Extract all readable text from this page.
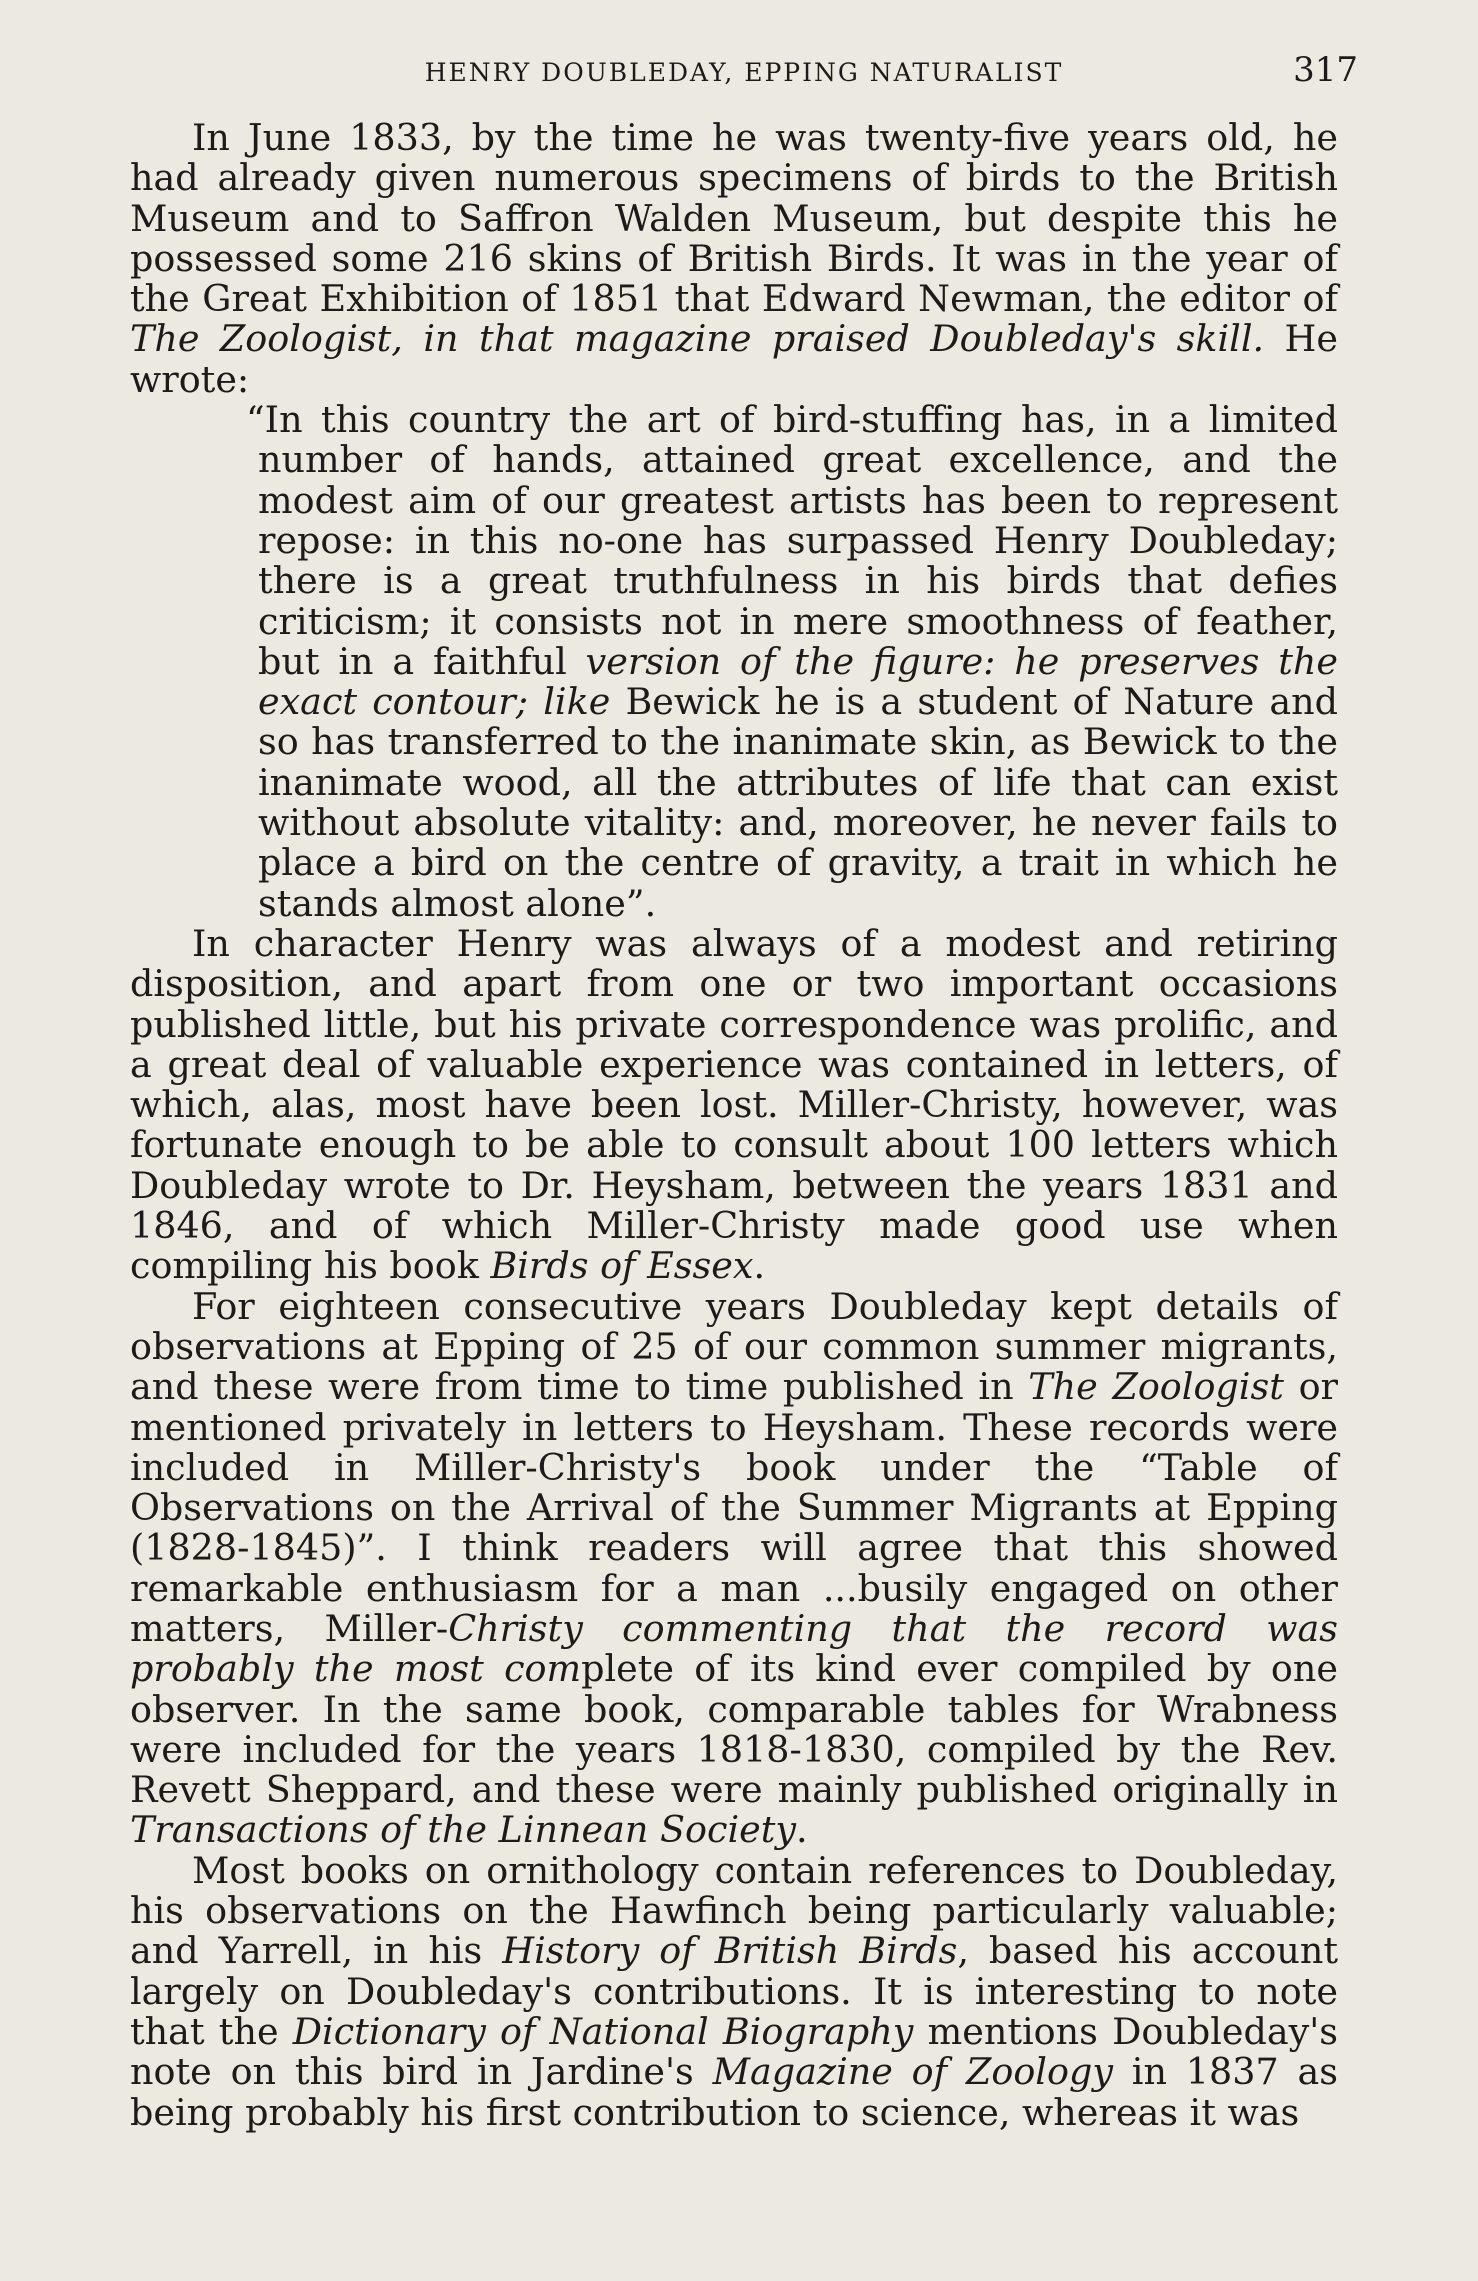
HENRY DOUBLEDAY, EPPING NATURALIST	317

In June 1833, by the time he was twenty-five years old, he had already given numerous specimens of birds to the British Museum and to Saffron Walden Museum, but despite this he possessed some 216 skins of British Birds. It was in the year of the Great Exhibition of 1851 that Edward Newman, the editor of The Zoologist, in that magazine praised Doubleday's skill. He wrote:

“In this country the art of bird-stuffing has, in a limited number of hands, attained great excellence, and the modest aim of our greatest artists has been to represent repose: in this no-one has surpassed Henry Doubleday; there is a great truthfulness in his birds that defies criticism; it consists not in mere smoothness of feather, but in a faithful version of the figure: he preserves the exact contour; like Bewick he is a student of Nature and so has transferred to the inanimate skin, as Bewick to the inanimate wood, all the attributes of life that can exist without absolute vitality: and, moreover, he never fails to place a bird on the centre of gravity, a trait in which he stands almost alone”.

In character Henry was always of a modest and retiring disposition, and apart from one or two important occasions published little, but his private correspondence was prolific, and a great deal of valuable experience was contained in letters, of which, alas, most have been lost. Miller-Christy, however, was fortunate enough to be able to consult about 100 letters which Doubleday wrote to Dr. Heysham, between the years 1831 and 1846, and of which Miller-Christy made good use when compiling his book Birds of Essex.

For eighteen consecutive years Doubleday kept details of observations at Epping of 25 of our common summer migrants, and these were from time to time published in The Zoologist or mentioned privately in letters to Heysham. These records were included in Miller-Christy's book under the “Table of Observations on the Arrival of the Summer Migrants at Epping (1828-1845)”. I think readers will agree that this showed remarkable enthusiasm for a man ...busily engaged on other matters, Miller-Christy commenting that the record was probably the most complete of its kind ever compiled by one observer. In the same book, comparable tables for Wrabness were included for the years 1818-1830, compiled by the Rev. Revett Sheppard, and these were mainly published originally in Transactions of the Linnean Society.

Most books on ornithology contain references to Doubleday, his observations on the Hawfinch being particularly valuable; and Yarrell, in his History of British Birds, based his account largely on Doubleday's contributions. It is interesting to note that the Dictionary of National Biography mentions Doubleday's note on this bird in Jardine's Magazine of Zoology in 1837 as being probably his first contribution to science, whereas it was
